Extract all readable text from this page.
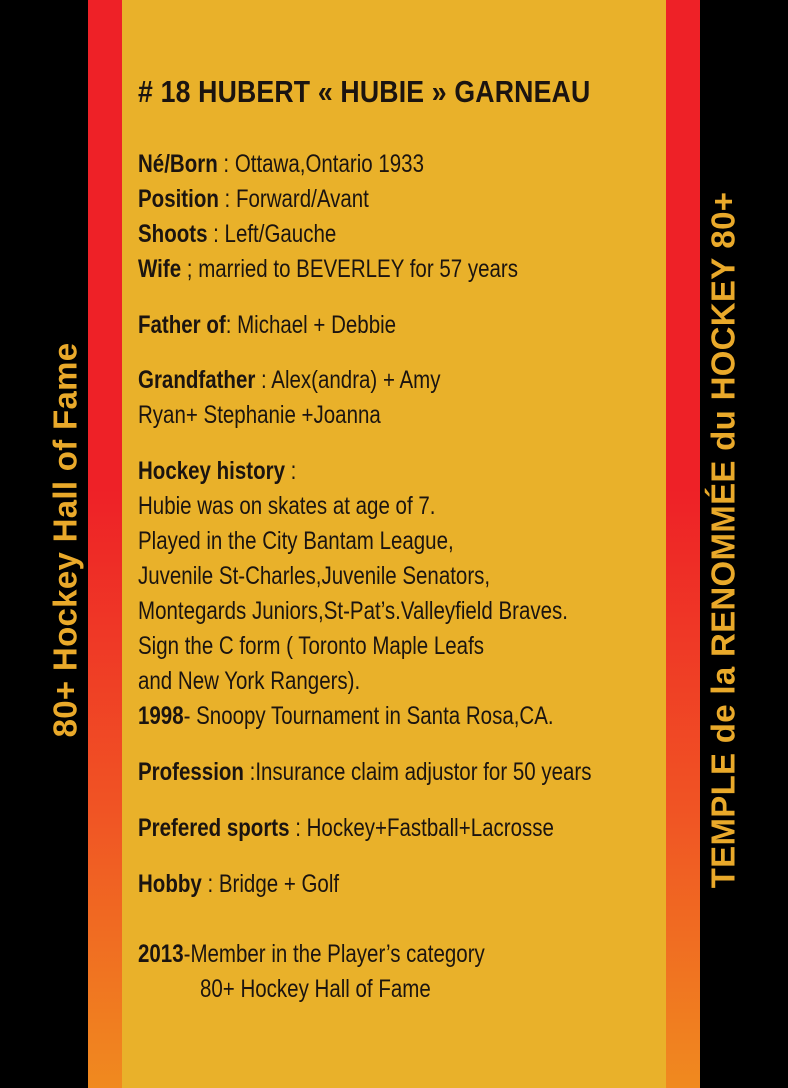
80+ Hockey Hall of Fame	TEMPLE de la RENOMMÉE du HOCKEY 80+
# 18 HUBERT « HUBIE » GARNEAU
Né/Born : Ottawa,Ontario 1933
Position : Forward/Avant
Shoots : Left/Gauche
Wife ; married to BEVERLEY for 57 years
Father of: Michael + Debbie
Grandfather : Alex(andra) + Amy
Ryan+ Stephanie +Joanna
Hockey history :
Hubie was on skates at age of 7.
Played in the City Bantam League,
Juvenile St-Charles,Juvenile Senators,
Montegards Juniors,St-Pat’s.Valleyfield Braves.
Sign the C form ( Toronto Maple Leafs
and New York Rangers).
1998- Snoopy Tournament in Santa Rosa,CA.
Profession :Insurance claim adjustor for 50 years
Prefered sports : Hockey+Fastball+Lacrosse
Hobby : Bridge + Golf
2013-Member in the Player’s category
80+ Hockey Hall of Fame
